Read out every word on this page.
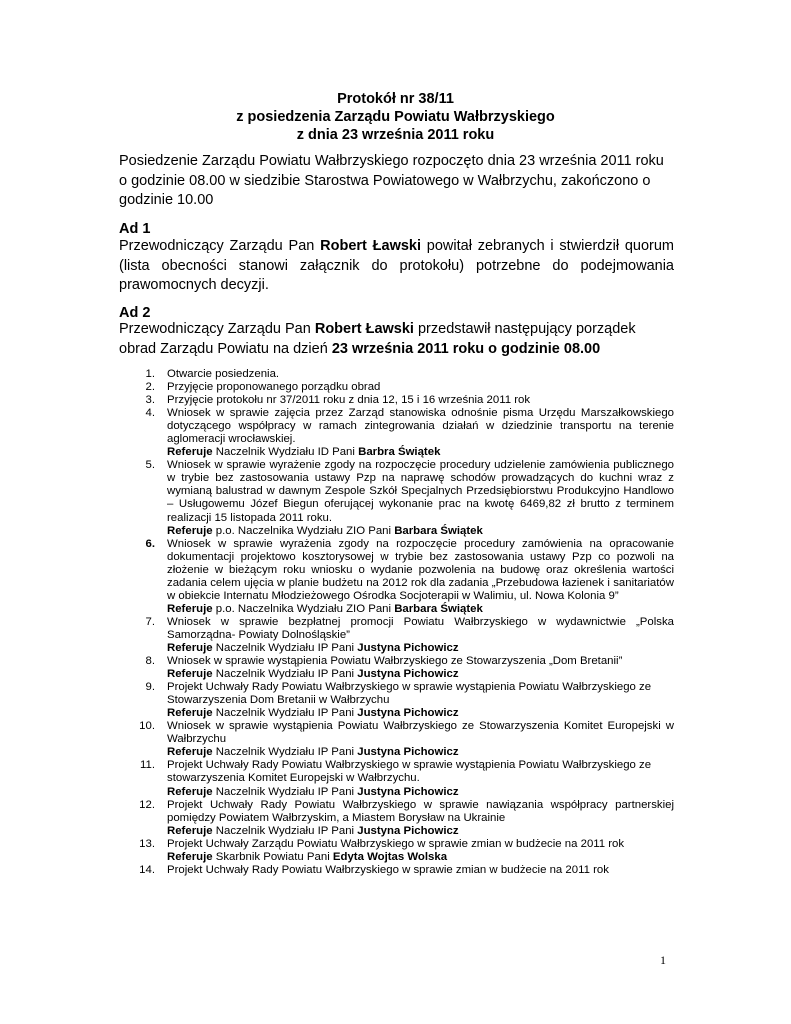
Protokół nr 38/11
z posiedzenia Zarządu Powiatu Wałbrzyskiego
z dnia 23 września 2011 roku
Posiedzenie Zarządu Powiatu Wałbrzyskiego rozpoczęto dnia 23 września 2011 roku
o godzinie 08.00 w siedzibie Starostwa Powiatowego w Wałbrzychu, zakończono o
godzinie 10.00
Ad 1
Przewodniczący Zarządu Pan Robert Ławski powitał zebranych i stwierdził quorum (lista obecności stanowi załącznik do protokołu) potrzebne do podejmowania prawomocnych decyzji.
Ad 2
Przewodniczący Zarządu Pan Robert Ławski przedstawił następujący porządek
obrad Zarządu Powiatu na dzień 23 września 2011 roku o godzinie 08.00
1. Otwarcie posiedzenia.
2. Przyjęcie proponowanego porządku obrad
3. Przyjęcie protokołu nr 37/2011 roku z dnia 12, 15 i 16 września 2011 rok
4. Wniosek w sprawie zajęcia przez Zarząd stanowiska odnośnie pisma Urzędu Marszałkowskiego dotyczącego współpracy w ramach zintegrowania działań w dziedzinie transportu na terenie aglomeracji wrocławskiej.
Referuje Naczelnik Wydziału ID Pani Barbra Świątek
5. Wniosek w sprawie wyrażenie zgody na rozpoczęcie procedury udzielenie zamówienia publicznego w trybie bez zastosowania ustawy Pzp na naprawę schodów prowadzących do kuchni wraz z wymianą balustrad w dawnym Zespole Szkół Specjalnych Przedsiębiorstwu Produkcyjno Handlowo – Usługowemu Józef Biegun oferującej wykonanie prac na kwotę 6469,82 zł brutto z terminem realizacji 15 listopada 2011 roku.
Referuje p.o. Naczelnika Wydziału ZIO Pani Barbara Świątek
6. Wniosek w sprawie wyrażenia zgody na rozpoczęcie procedury zamówienia na opracowanie dokumentacji projektowo kosztorysowej w trybie bez zastosowania ustawy Pzp co pozwoli na złożenie w bieżącym roku wniosku o wydanie pozwolenia na budowę oraz określenia wartości zadania celem ujęcia w planie budżetu na 2012 rok dla zadania „Przebudowa łazienek i sanitariatów w obiekcie Internatu Młodzieżowego Ośrodka Socjoterapii w Walimiu, ul. Nowa Kolonia 9”
Referuje p.o. Naczelnika Wydziału ZIO Pani Barbara Świątek
7. Wniosek w sprawie bezpłatnej promocji Powiatu Wałbrzyskiego w wydawnictwie „Polska Samorządna- Powiaty Dolnośląskie”
Referuje Naczelnik Wydziału IP Pani Justyna Pichowicz
8. Wniosek w sprawie wystąpienia Powiatu Wałbrzyskiego ze Stowarzyszenia „Dom Bretanii”
Referuje Naczelnik Wydziału IP Pani Justyna Pichowicz
9. Projekt Uchwały Rady Powiatu Wałbrzyskiego w sprawie wystąpienia Powiatu Wałbrzyskiego ze Stowarzyszenia Dom Bretanii w Wałbrzychu
Referuje Naczelnik Wydziału IP Pani Justyna Pichowicz
10. Wniosek w sprawie wystąpienia Powiatu Wałbrzyskiego ze Stowarzyszenia Komitet Europejski w Wałbrzychu
Referuje Naczelnik Wydziału IP Pani Justyna Pichowicz
11. Projekt Uchwały Rady Powiatu Wałbrzyskiego w sprawie wystąpienia Powiatu Wałbrzyskiego ze stowarzyszenia Komitet Europejski w Wałbrzychu.
Referuje Naczelnik Wydziału IP Pani Justyna Pichowicz
12. Projekt Uchwały Rady Powiatu Wałbrzyskiego w sprawie nawiązania współpracy partnerskiej pomiędzy Powiatem Wałbrzyskim, a Miastem Borysław na Ukrainie
Referuje Naczelnik Wydziału IP Pani Justyna Pichowicz
13. Projekt Uchwały Zarządu Powiatu Wałbrzyskiego w sprawie zmian w budżecie na 2011 rok
Referuje Skarbnik Powiatu Pani Edyta Wojtas Wolska
14. Projekt Uchwały Rady Powiatu Wałbrzyskiego w sprawie zmian w budżecie na 2011 rok
1
